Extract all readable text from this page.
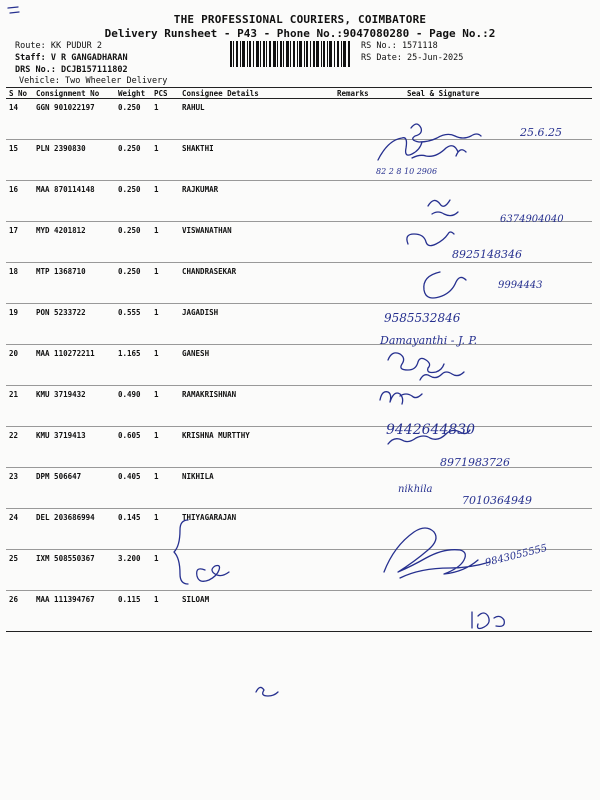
THE PROFESSIONAL COURIERS, COIMBATORE
Delivery Runsheet - P43 - Phone No.:9047080280 - Page No.:2
Route: KK PUDUR 2
Staff: V R GANGADHARAN
DRS No.: DCJB157111802
Vehicle: Two Wheeler Delivery
RS No.: 1571118
RS Date: 25-Jun-2025
S No	Consignment No	Weight	PCS	Consignee Details	Remarks	Seal & Signature
14	GGN 901022197	0.250	1	RAHUL		
15	PLN 2390830	0.250	1	SHAKTHI		
16	MAA 870114148	0.250	1	RAJKUMAR		
17	MYD 4201812	0.250	1	VISWANATHAN		
18	MTP 1368710	0.250	1	CHANDRASEKAR		
19	PON 5233722	0.555	1	JAGADISH		
20	MAA 110272211	1.165	1	GANESH		
21	KMU 3719432	0.490	1	RAMAKRISHNAN		
22	KMU 3719413	0.605	1	KRISHNA MURTTHY		
23	DPM 506647	0.405	1	NIKHILA		
24	DEL 203686994	0.145	1	THIYAGARAJAN		
25	IXM 508550367	3.200	1			
26	MAA 111394767	0.115	1	SILOAM		
25.6.25
82 2 8 10 2906
6374904040
8925148346
9994443
9585532846
Damayanthi - J. P.
9442644830
8971983726
nikhila
7010364949
9843055555
